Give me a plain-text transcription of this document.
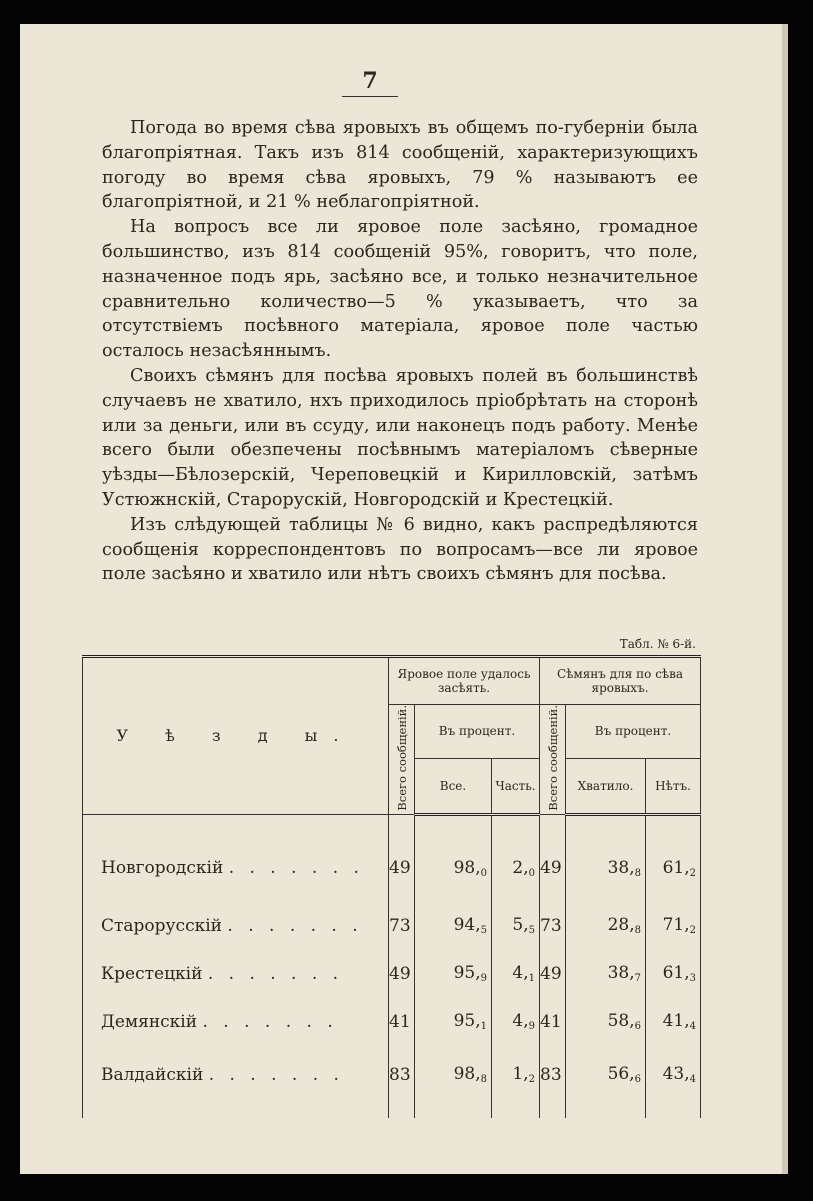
7

Погода во время сѣва яровыхъ въ общемъ по-губерніи была благопріятная. Такъ изъ 814 сообщеній, характеризующихъ погоду во время сѣва яровыхъ, 79 % называютъ ее благопріятной, и 21 % неблагопріятной.

На вопросъ все ли яровое поле засѣяно, громадное большинство, изъ 814 сообщеній 95%, говоритъ, что поле, назначенное подъ ярь, засѣяно все, и только незначительное сравнительно количество—5 % указываетъ, что за отсутствіемъ посѣвного матеріала, яровое поле частью осталось незасѣяннымъ.

Своихъ сѣмянъ для посѣва яровыхъ полей въ большинствѣ случаевъ не хватило, нхъ приходилось пріобрѣтать на сторонѣ или за деньги, или въ ссуду, или наконецъ подъ работу. Менѣе всего были обезпечены посѣвнымъ матеріаломъ сѣверные уѣзды—Бѣлозерскій, Череповецкій и Кирилловскій, затѣмъ Устюжнскій, Старорускій, Новгородскій и Крестецкій.

Изъ слѣдующей таблицы № 6 видно, какъ распредѣляются сообщенія корреспондентовъ по вопросамъ—все ли яровое поле засѣяно и хватило или нѣтъ своихъ сѣмянъ для посѣва.

Табл. № 6-й.
У ѣ з д ы.	Яровое поле удалось засѣять.			Сѣмянъ для по сѣва яровыхъ.		
	Всего сообщеній.	Въ процент.		Всего сообщеній.	Въ процент.	
		Все.	Часть.		Хватило.	Нѣтъ.
Новгородскій . . . . . . .	49	$98,_0$	$2,_0$	49	$38,_8$	$61,_2$
Старорусскій . . . . . . .	73	$94,_5$	$5,_5$	73	$28,_8$	$71,_2$
Крестецкій . . . . . . .	49	$95,_9$	$4,_1$	49	$38,_7$	$61,_3$
Демянскій . . . . . . .	41	$95,_1$	$4,_9$	41	$58,_6$	$41,_4$
Валдайскій . . . . . . .	83	$98,_8$	$1,_2$	83	$56,_6$	$43,_4$
